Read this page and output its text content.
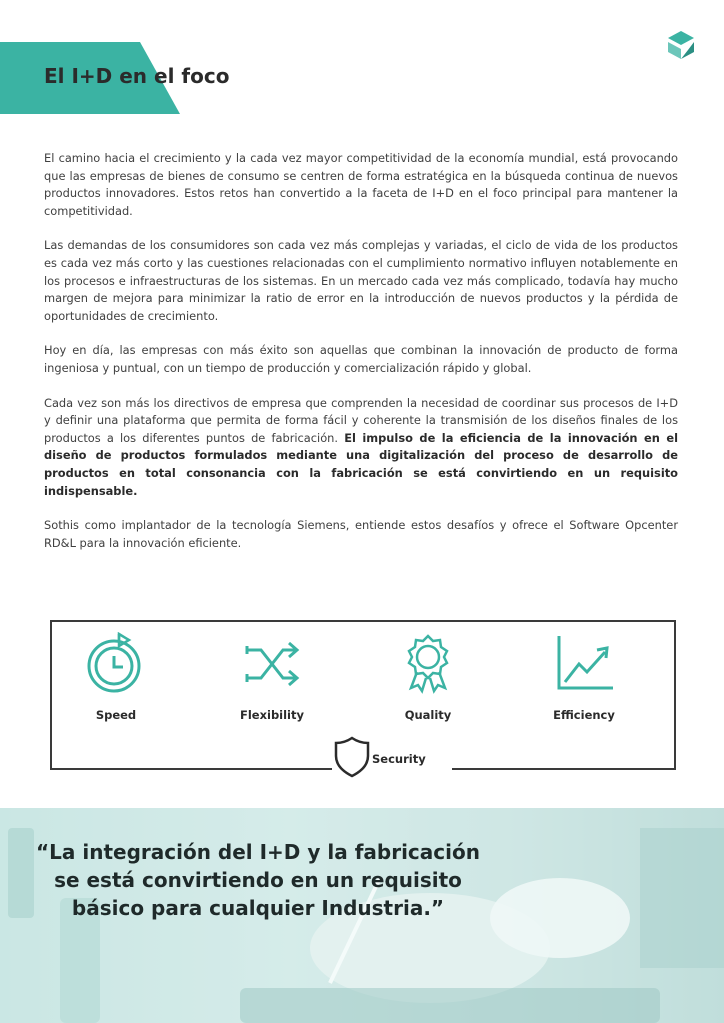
El I+D en el foco

El camino hacia el crecimiento y la cada vez mayor competitividad de la economía mundial, está provocando que las empresas de bienes de consumo se centren de forma estratégica en la búsqueda continua de nuevos productos innovadores. Estos retos han convertido a la faceta de I+D en el foco principal para mantener la competitividad.

Las demandas de los consumidores son cada vez más complejas y variadas, el ciclo de vida de los productos es cada vez más corto y las cuestiones relacionadas con el cumplimiento normativo influyen notablemente en los procesos e infraestructuras de los sistemas. En un mercado cada vez más complicado, todavía hay mucho margen de mejora para minimizar la ratio de error en la introducción de nuevos productos y la pérdida de oportunidades de crecimiento.

Hoy en día, las empresas con más éxito son aquellas que combinan la innovación de producto de forma ingeniosa y puntual, con un tiempo de producción y comercialización rápido y global.

Cada vez son más los directivos de empresa que comprenden la necesidad de coordinar sus procesos de I+D y definir una plataforma que permita de forma fácil y coherente la transmisión de los diseños finales de los productos a los diferentes puntos de fabricación. El impulso de la eficiencia de la innovación en el diseño de productos formulados mediante una digitalización del proceso de desarrollo de productos en total consonancia con la fabricación se está convirtiendo en un requisito indispensable.

Sothis como implantador de la tecnología Siemens, entiende estos desafíos y ofrece el Software Opcenter RD&L para la innovación eficiente.

Speed	Flexibility	Quality	Efficiency
Security

“La integración del I+D y la fabricación se está convirtiendo en un requisito básico para cualquier Industria.”
